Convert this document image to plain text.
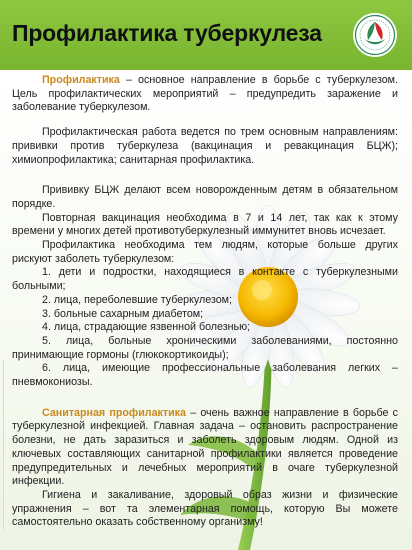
Профилактика туберкулеза

Профилактика – основное направление в борьбе с туберкулезом. Цель профилактических мероприятий – предупредить заражение и заболевание туберкулезом.

Профилактическая работа ведется по трем основным направлениям: прививки против туберкулеза (вакцинация и ревакцинация БЦЖ); химиопрофилактика; санитарная профилактика.

Прививку БЦЖ делают всем новорожденным детям в обязательном порядке.

Повторная вакцинация необходима в 7 и 14 лет, так как к этому времени у многих детей противотуберкулезный иммунитет вновь исчезает.

Профилактика необходима тем людям, которые больше других рискуют заболеть туберкулезом:

1. дети и подростки, находящиеся в контакте с туберкулезными больными;

2. лица, переболевшие туберкулезом;

3. больные сахарным диабетом;

4. лица, страдающие язвенной болезнью;

5. лица, больные хроническими заболеваниями, постоянно принимающие гормоны (глюкокортикоиды);

6. лица, имеющие профессиональные заболевания легких – пневмокониозы.

Санитарная профилактика – очень важное направление в борьбе с туберкулезной инфекцией. Главная задача – остановить распространение болезни, не дать заразиться и заболеть здоровым людям. Одной из ключевых составляющих санитарной профилактики является проведение предупредительных и лечебных мероприятий в очаге туберкулезной инфекции.

Гигиена и закаливание, здоровый образ жизни и физические упражнения – вот та элементарная помощь, которую Вы можете самостоятельно оказать собственному организму!
